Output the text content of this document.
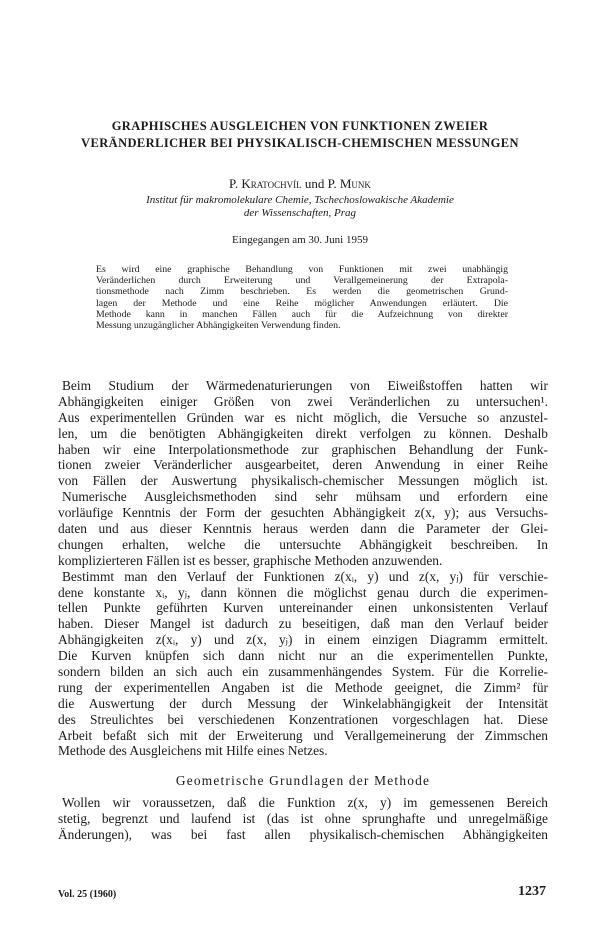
GRAPHISCHES AUSGLEICHEN VON FUNKTIONEN ZWEIER
VERÄNDERLICHER BEI PHYSIKALISCH-CHEMISCHEN MESSUNGEN
P. Kratochvíl und P. Munk
Institut für makromolekulare Chemie, Tschechoslowakische Akademie
der Wissenschaften, Prag
Eingegangen am 30. Juni 1959
Es wird eine graphische Behandlung von Funktionen mit zwei unabhängig
Veränderlichen durch Erweiterung und Verallgemeinerung der Extrapola-
tionsmethode nach Zimm beschrieben. Es werden die geometrischen Grund-
lagen der Methode und eine Reihe möglicher Anwendungen erläutert. Die
Methode kann in manchen Fällen auch für die Aufzeichnung von direkter
Messung unzugänglicher Abhängigkeiten Verwendung finden.
Beim Studium der Wärmedenaturierungen von Eiweißstoffen hatten wir
Abhängigkeiten einiger Größen von zwei Veränderlichen zu untersuchen¹.
Aus experimentellen Gründen war es nicht möglich, die Versuche so anzustel-
len, um die benötigten Abhängigkeiten direkt verfolgen zu können. Deshalb
haben wir eine Interpolationsmethode zur graphischen Behandlung der Funk-
tionen zweier Veränderlicher ausgearbeitet, deren Anwendung in einer Reihe
von Fällen der Auswertung physikalisch-chemischer Messungen möglich ist.
Numerische Ausgleichsmethoden sind sehr mühsam und erfordern eine
vorläufige Kenntnis der Form der gesuchten Abhängigkeit z(x, y); aus Versuchs-
daten und aus dieser Kenntnis heraus werden dann die Parameter der Glei-
chungen erhalten, welche die untersuchte Abhängigkeit beschreiben. In
komplizierteren Fällen ist es besser, graphische Methoden anzuwenden.
Bestimmt man den Verlauf der Funktionen z(xᵢ, y) und z(x, yⱼ) für verschie-
dene konstante xᵢ, yⱼ, dann können die möglichst genau durch die experimen-
tellen Punkte geführten Kurven untereinander einen unkonsistenten Verlauf
haben. Dieser Mangel ist dadurch zu beseitigen, daß man den Verlauf beider
Abhängigkeiten z(xᵢ, y) und z(x, yⱼ) in einem einzigen Diagramm ermittelt.
Die Kurven knüpfen sich dann nicht nur an die experimentellen Punkte,
sondern bilden an sich auch ein zusammenhängendes System. Für die Korrelie-
rung der experimentellen Angaben ist die Methode geeignet, die Zimm² für
die Auswertung der durch Messung der Winkelabhängigkeit der Intensität
des Streulichtes bei verschiedenen Konzentrationen vorgeschlagen hat. Diese
Arbeit befaßt sich mit der Erweiterung und Verallgemeinerung der Zimmschen
Methode des Ausgleichens mit Hilfe eines Netzes.
Geometrische Grundlagen der Methode
Wollen wir voraussetzen, daß die Funktion z(x, y) im gemessenen Bereich
stetig, begrenzt und laufend ist (das ist ohne sprunghafte und unregelmäßige
Änderungen), was bei fast allen physikalisch-chemischen Abhängigkeiten
Vol. 25 (1960)	1237
